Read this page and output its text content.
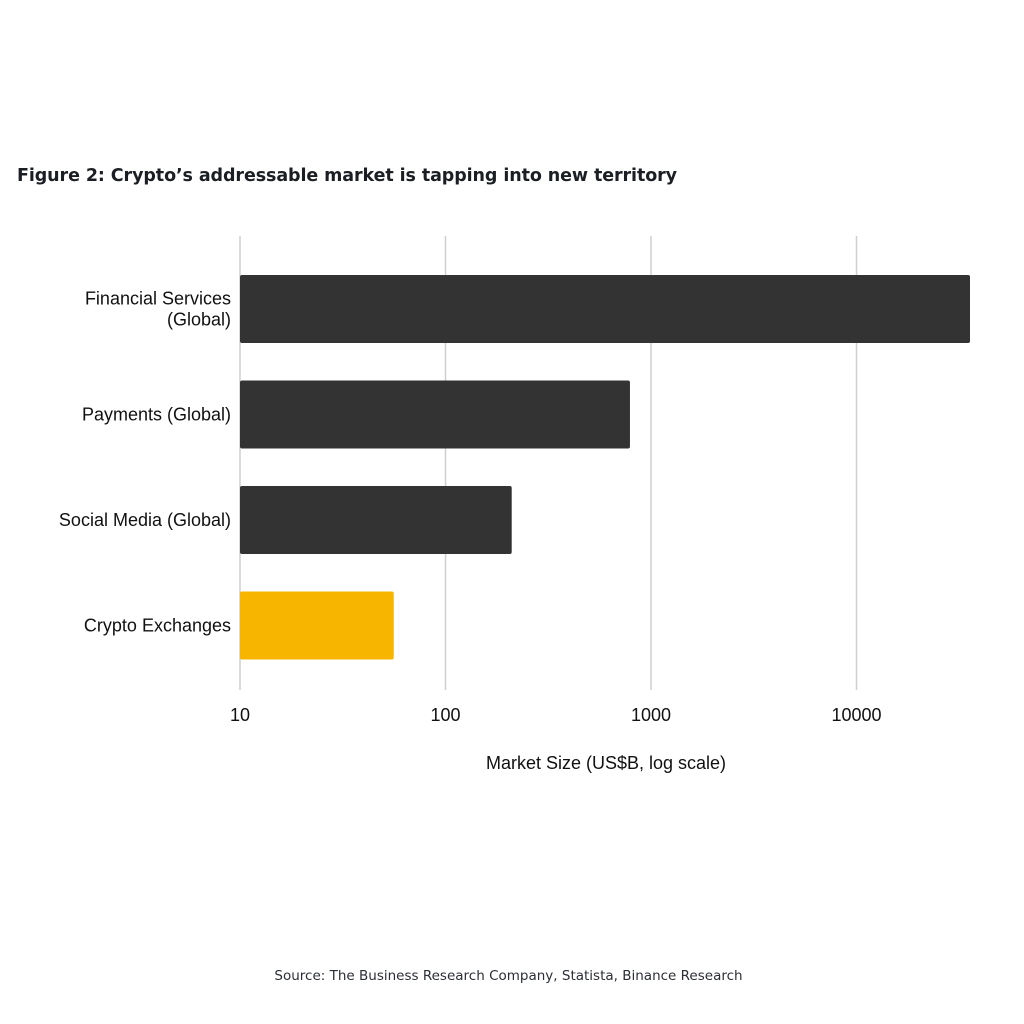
Figure 2: Crypto’s addressable market is tapping into new territory
Financial Services (Global)
Payments (Global)
Social Media (Global)
Crypto Exchanges
10	100	1000	10000
Market Size (US$B, log scale)
Source: The Business Research Company, Statista, Binance Research
